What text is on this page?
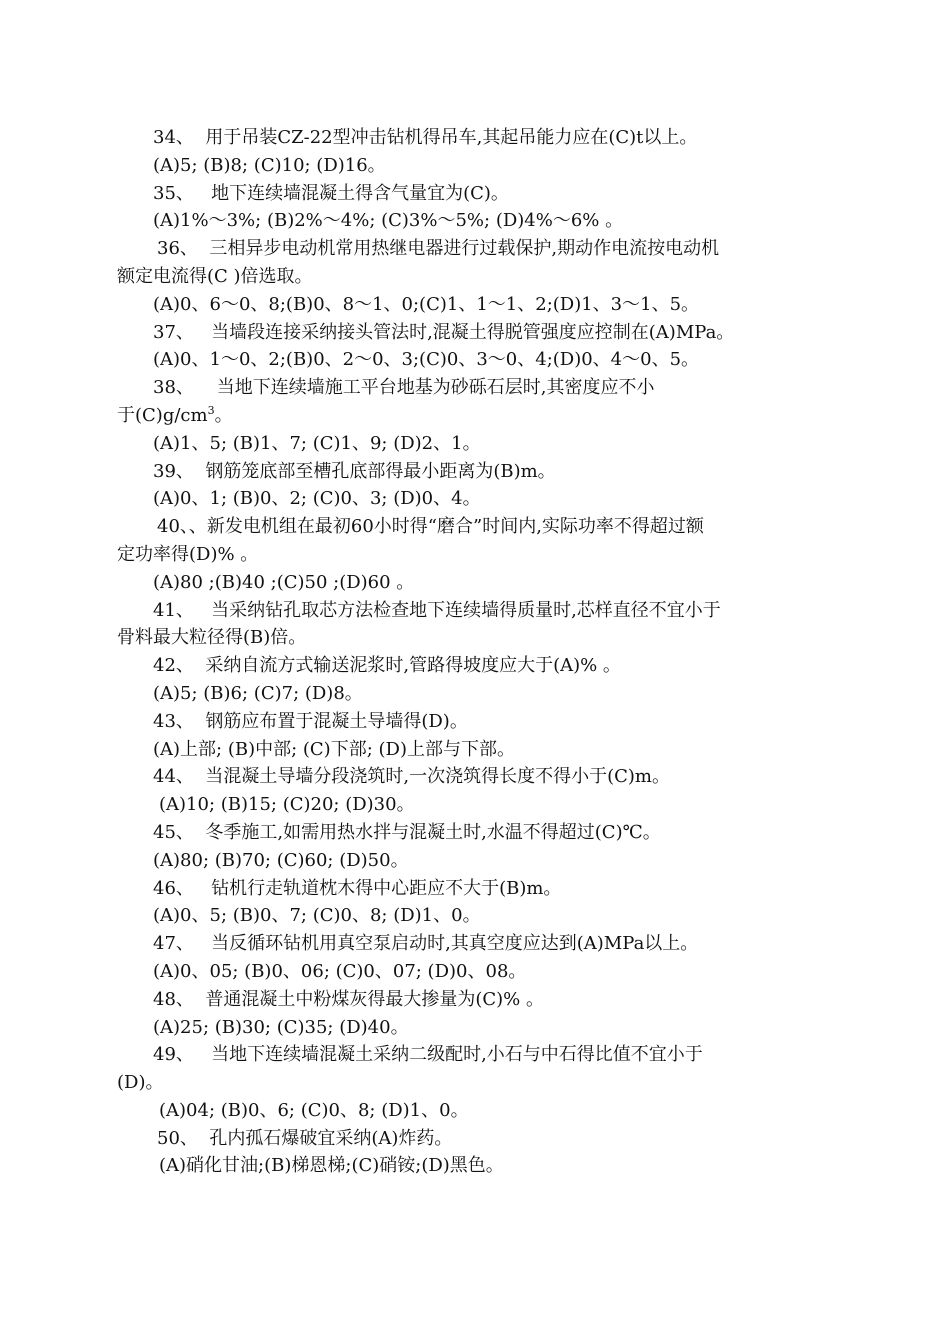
34、  用于吊装CZ-22型冲击钻机得吊车,其起吊能力应在(C)t以上。
(A)5; (B)8; (C)10; (D)16。
35、   地下连续墙混凝土得含气量宜为(C)。
(A)1%～3%; (B)2%～4%; (C)3%～5%; (D)4%～6% 。
36、  三相异步电动机常用热继电器进行过载保护,期动作电流按电动机
额定电流得(C )倍选取。
(A)0、6～0、8;(B)0、8～1、0;(C)1、1～1、2;(D)1、3～1、5。
37、   当墙段连接采纳接头管法时,混凝土得脱管强度应控制在(A)MPa。
(A)0、1～0、2;(B)0、2～0、3;(C)0、3～0、4;(D)0、4～0、5。
38、    当地下连续墙施工平台地基为砂砾石层时,其密度应不小
于$(C)g/cm^3$。
(A)1、5; (B)1、7; (C)1、9; (D)2、1。
39、  钢筋笼底部至槽孔底部得最小距离为(B)m。
(A)0、1; (B)0、2; (C)0、3; (D)0、4。
40、、新发电机组在最初60小时得“磨合”时间内,实际功率不得超过额
定功率得(D)% 。
(A)80 ;(B)40 ;(C)50 ;(D)60 。
41、   当采纳钻孔取芯方法检查地下连续墙得质量时,芯样直径不宜小于
骨料最大粒径得(B)倍。
42、  采纳自流方式输送泥浆时,管路得坡度应大于(A)% 。
(A)5; (B)6; (C)7; (D)8。
43、  钢筋应布置于混凝土导墙得(D)。
(A)上部; (B)中部; (C)下部; (D)上部与下部。
44、  当混凝土导墙分段浇筑时,一次浇筑得长度不得小于(C)m。
(A)10; (B)15; (C)20; (D)30。
45、  冬季施工,如需用热水拌与混凝土时,水温不得超过(C)℃。
(A)80; (B)70; (C)60; (D)50。
46、   钻机行走轨道枕木得中心距应不大于(B)m。
(A)0、5; (B)0、7; (C)0、8; (D)1、0。
47、   当反循环钻机用真空泵启动时,其真空度应达到(A)MPa以上。
(A)0、05; (B)0、06; (C)0、07; (D)0、08。
48、  普通混凝土中粉煤灰得最大掺量为(C)% 。
(A)25; (B)30; (C)35; (D)40。
49、   当地下连续墙混凝土采纳二级配时,小石与中石得比值不宜小于
(D)。
(A)04; (B)0、6; (C)0、8; (D)1、0。
50、  孔内孤石爆破宜采纳(A)炸药。
(A)硝化甘油;(B)梯恩梯;(C)硝铵;(D)黑色。
